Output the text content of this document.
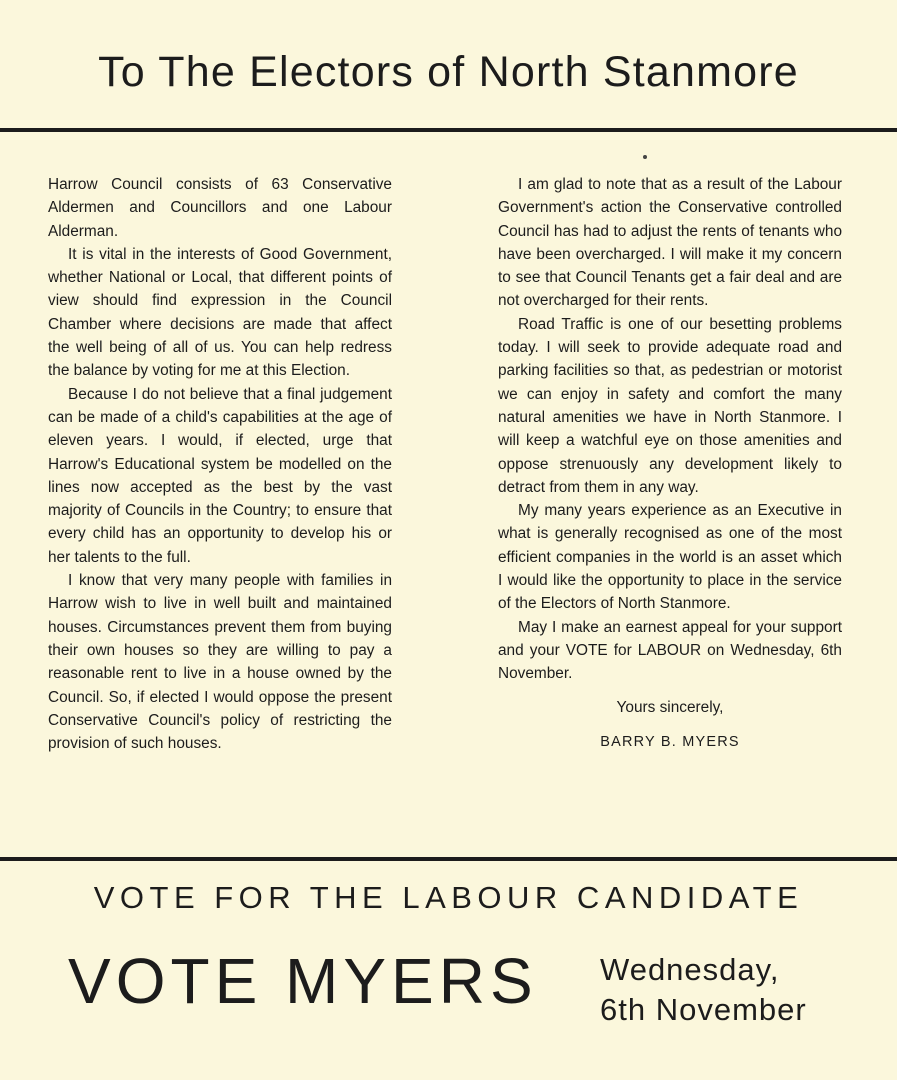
To The Electors of North Stanmore

Harrow Council consists of 63 Conservative Aldermen and Councillors and one Labour Alderman.

It is vital in the interests of Good Government, whether National or Local, that different points of view should find expression in the Council Chamber where decisions are made that affect the well being of all of us. You can help redress the balance by voting for me at this Election.

Because I do not believe that a final judgement can be made of a child's capabilities at the age of eleven years. I would, if elected, urge that Harrow's Educational system be modelled on the lines now accepted as the best by the vast majority of Councils in the Country; to ensure that every child has an opportunity to develop his or her talents to the full.

I know that very many people with families in Harrow wish to live in well built and maintained houses. Circumstances prevent them from buying their own houses so they are willing to pay a reasonable rent to live in a house owned by the Council. So, if elected I would oppose the present Conservative Council's policy of restricting the provision of such houses.

I am glad to note that as a result of the Labour Government's action the Conservative controlled Council has had to adjust the rents of tenants who have been overcharged. I will make it my concern to see that Council Tenants get a fair deal and are not overcharged for their rents.

Road Traffic is one of our besetting problems today. I will seek to provide adequate road and parking facilities so that, as pedestrian or motorist we can enjoy in safety and comfort the many natural amenities we have in North Stanmore. I will keep a watchful eye on those amenities and oppose strenuously any development likely to detract from them in any way.

My many years experience as an Executive in what is generally recognised as one of the most efficient companies in the world is an asset which I would like the opportunity to place in the service of the Electors of North Stanmore.

May I make an earnest appeal for your support and your VOTE for LABOUR on Wednesday, 6th November.

Yours sincerely,
BARRY B. MYERS
VOTE FOR THE LABOUR CANDIDATE
VOTE MYERS Wednesday,
6th November
